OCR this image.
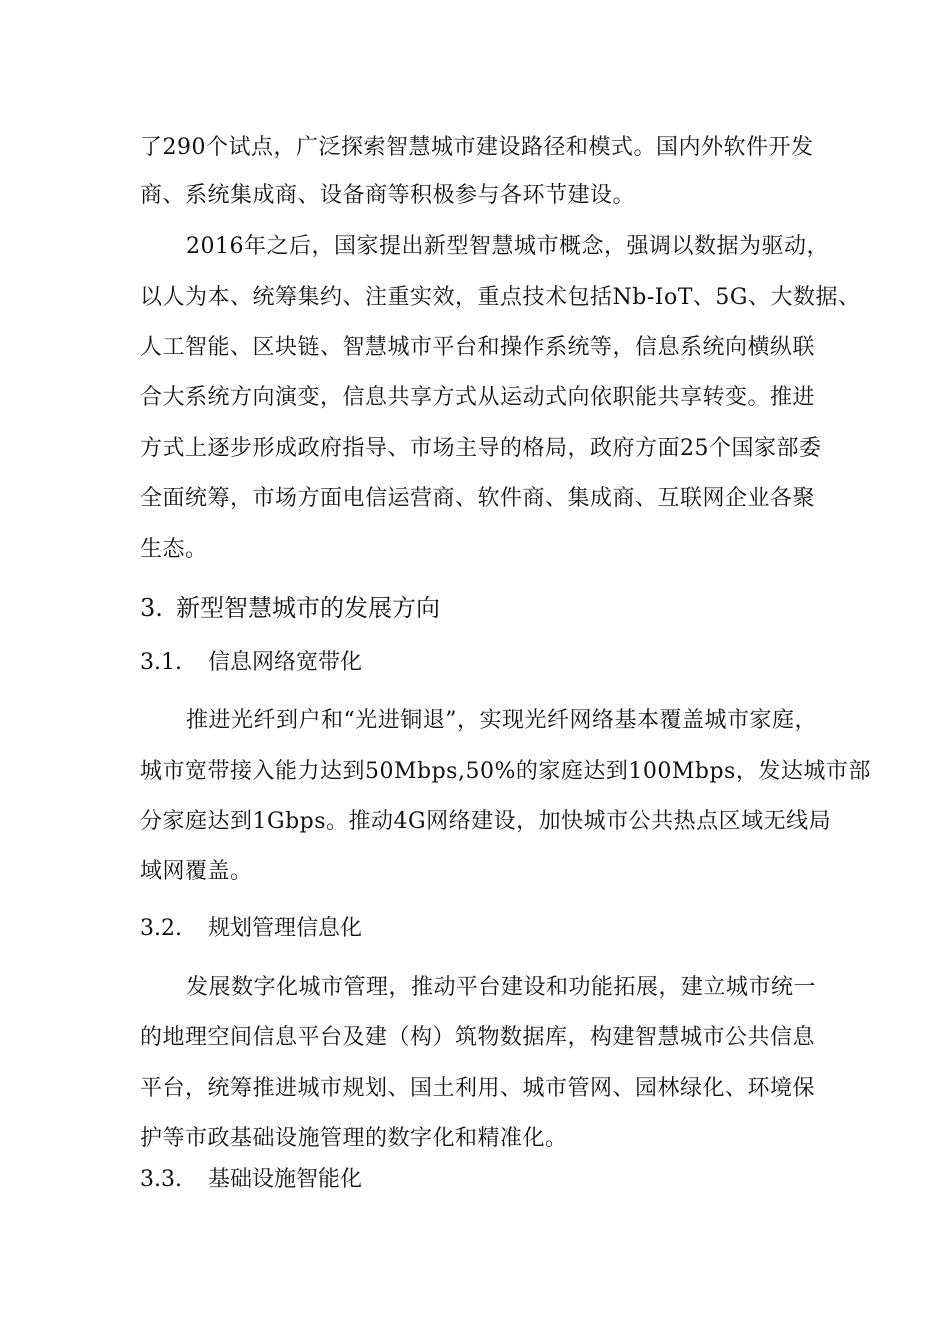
了290个试点，广泛探索智慧城市建设路径和模式。国内外软件开发
商、系统集成商、设备商等积极参与各环节建设。
2016年之后，国家提出新型智慧城市概念，强调以数据为驱动，
以人为本、统筹集约、注重实效，重点技术包括Nb-IoT、5G、大数据、
人工智能、区块链、智慧城市平台和操作系统等，信息系统向横纵联
合大系统方向演变，信息共享方式从运动式向依职能共享转变。推进
方式上逐步形成政府指导、市场主导的格局，政府方面25个国家部委
全面统筹，市场方面电信运营商、软件商、集成商、互联网企业各聚
生态。
3. 新型智慧城市的发展方向
3.1. 信息网络宽带化
推进光纤到户和“光进铜退”，实现光纤网络基本覆盖城市家庭，
城市宽带接入能力达到50Mbps,50%的家庭达到100Mbps，发达城市部
分家庭达到1Gbps。推动4G网络建设，加快城市公共热点区域无线局
域网覆盖。
3.2. 规划管理信息化
发展数字化城市管理，推动平台建设和功能拓展，建立城市统一
的地理空间信息平台及建（构）筑物数据库，构建智慧城市公共信息
平台，统筹推进城市规划、国土利用、城市管网、园林绿化、环境保
护等市政基础设施管理的数字化和精准化。
3.3. 基础设施智能化
